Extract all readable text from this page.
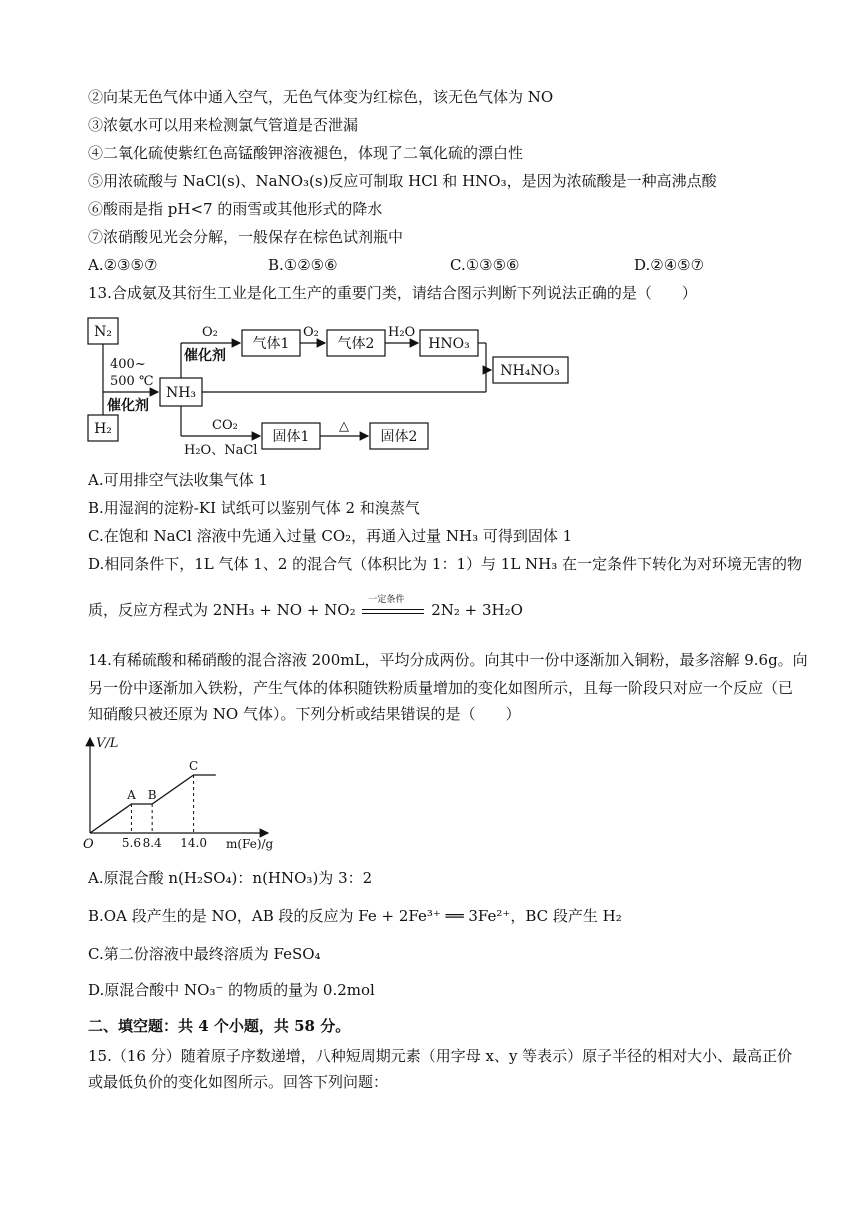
②向某无色气体中通入空气，无色气体变为红棕色，该无色气体为 NO
③浓氨水可以用来检测氯气管道是否泄漏
④二氧化硫使紫红色高锰酸钾溶液褪色，体现了二氧化硫的漂白性
⑤用浓硫酸与 NaCl(s)、NaNO₃(s)反应可制取 HCl 和 HNO₃，是因为浓硫酸是一种高沸点酸
⑥酸雨是指 pH<7 的雨雪或其他形式的降水
⑦浓硝酸见光会分解，一般保存在棕色试剂瓶中
A.②③⑤⑦	B.①②⑤⑥	C.①③⑤⑥	D.②④⑤⑦
13.合成氨及其衍生工业是化工生产的重要门类，请结合图示判断下列说法正确的是（　　）
N₂
H₂
400~
500 ℃
催化剂
NH₃
O₂
催化剂
气体1
O₂
气体2
H₂O
HNO₃
NH₄NO₃
CO₂
H₂O、NaCl
固体1
△
固体2
A.可用排空气法收集气体 1
B.用湿润的淀粉-KI 试纸可以鉴别气体 2 和溴蒸气
C.在饱和 NaCl 溶液中先通入过量 CO₂，再通入过量 NH₃ 可得到固体 1
D.相同条件下，1L 气体 1、2 的混合气（体积比为 1：1）与 1L NH₃ 在一定条件下转化为对环境无害的物
质，反应方程式为 2NH₃ + NO + NO₂
一定条件
2N₂ + 3H₂O
14.有稀硫酸和稀硝酸的混合溶液 200mL，平均分成两份。向其中一份中逐渐加入铜粉，最多溶解 9.6g。向
另一份中逐渐加入铁粉，产生气体的体积随铁粉质量增加的变化如图所示，且每一阶段只对应一个反应（已
知硝酸只被还原为 NO 气体）。下列分析或结果错误的是（　　）
V/L
O	m(Fe)/g
5.6
A
8.4
B
14.0
C
A.原混合酸 n(H₂SO₄)：n(HNO₃)为 3：2
B.OA 段产生的是 NO，AB 段的反应为 Fe + 2Fe³⁺ ══ 3Fe²⁺，BC 段产生 H₂
C.第二份溶液中最终溶质为 FeSO₄
D.原混合酸中 NO₃⁻ 的物质的量为 0.2mol
二、填空题：共 4 个小题，共 58 分。
15.（16 分）随着原子序数递增，八种短周期元素（用字母 x、y 等表示）原子半径的相对大小、最高正价
或最低负价的变化如图所示。回答下列问题：
